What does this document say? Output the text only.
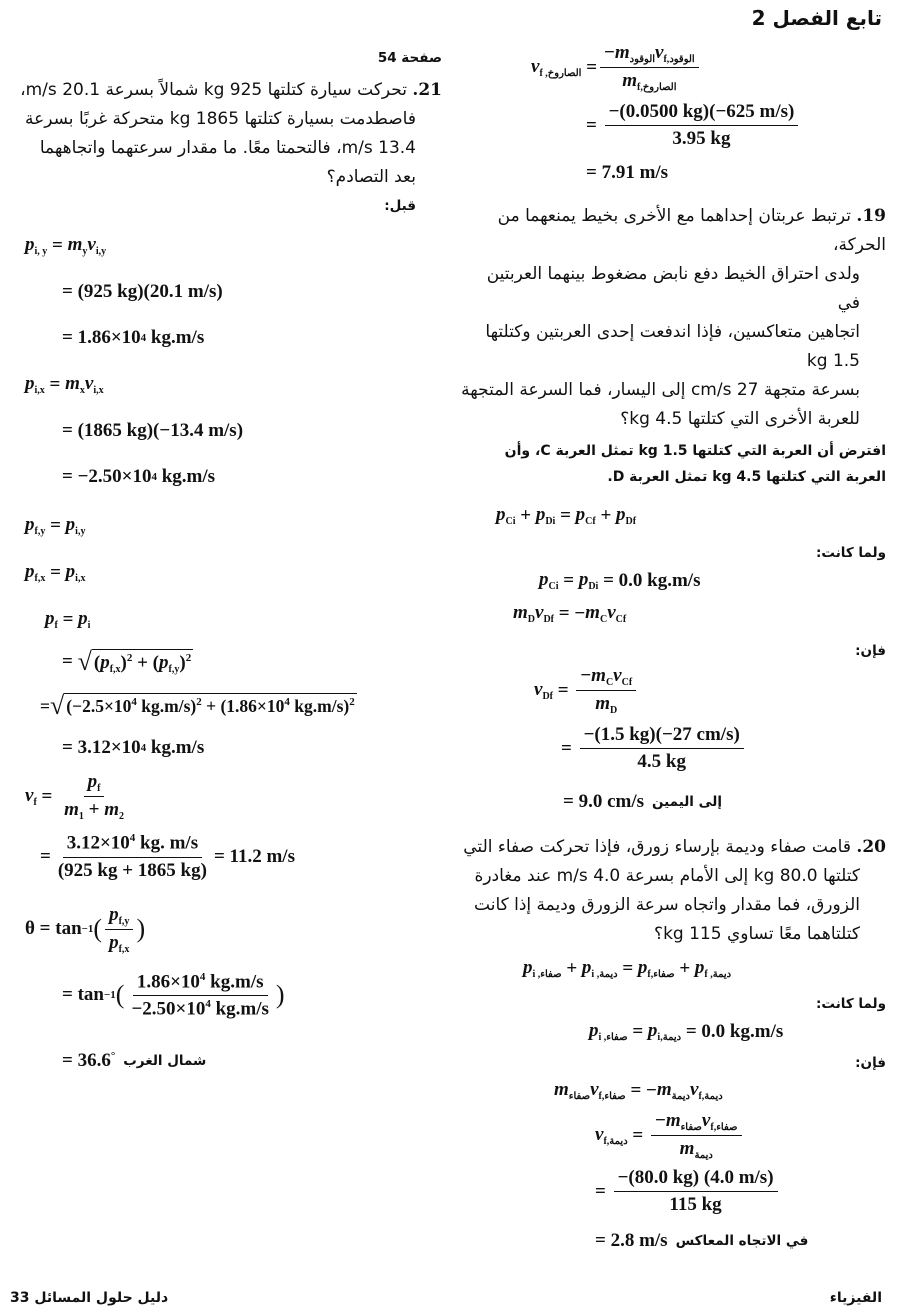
تابع الفصل 2
صفحة 54
21. تحركت سيارة كتلتها 925 kg شمالاً بسرعة 20.1 m/s،
فاصطدمت بسيارة كتلتها 1865 kg متحركة غربًا بسرعة
13.4 m/s، فالتحمتا معًا. ما مقدار سرعتهما واتجاههما
بعد التصادم؟
قبل:
$p_{i, y} = m_y$ $v_{i,y}$
= (925 kg)(20.1 m/s)
= 1.86×10 4 kg.m/s
$p_{i,x} = m_x$ $v_{i,x}$
= (1865 kg)(−13.4 m/s)
= −2.50×10 4 kg.m/s
$p_{f,y} = p_{i,y}$
$p_{f,x} = p_{i,x}$
$p_f = p_i$
= √ $(p_{f,x})^2 + (p_{f,y})^2$
= √ ($-2.5\times 10^4$ $kg.m/s)^2 + (1.86\times 10^4$ kg.m/s)$^2$
= 3.12×10 4 kg.m/s
$v_f = \frac{p_f}{m_1 + m_2}$
= $\frac{3.12\times 10^4 kg. m/s}{(925 kg + 1865 kg)} = 11.2$ m/s
θ = tan −1 ( $\frac{p_{f,y}}{p_{f,x}}$ )
= tan −1 ( $\frac{1.86\times 10^4 kg.m/s}{-2.50\times 10^4 kg.m/s}$ )
= 36.6 ° شمال الغرب
$v_{f ,الصاروخ} = \frac{-m_{الوقود}v_{f,الوقود}}{m_{f,الصاروخ}}$
= $\frac{-(0.0500 kg)(-625 m/s)}{3.95 kg}$
= 7.91 m/s
19. ترتبط عربتان إحداهما مع الأخرى بخيط يمنعهما من الحركة،
ولدى احتراق الخيط دفع نابض مضغوط بينهما العربتين في
اتجاهين متعاكسين، فإذا اندفعت إحدى العربتين وكتلتها 1.5 kg
بسرعة متجهة 27 cm/s إلى اليسار، فما السرعة المتجهة
للعربة الأخرى التي كتلتها 4.5 kg؟
افترض أن العربة التي كتلتها 1.5 kg تمثل العربة C، وأن
العربة التي كتلتها 4.5 kg تمثل العربة D.
$p_{Ci} + p_{Di} = p_{Cf} + p_{Df}$
ولما كانت:
$p_{Ci} = p_{Di} = 0.0$ kg.m/s
$m_D$ $v_{Df}$ = − $m_C$ $v_{Cf}$
فإن:
$v_{Df} = \frac{-m_Cv_{Cf}}{m_D}$
= $\frac{-(1.5 kg)(-27 cm/s)}{4.5 kg}$
= 9.0 cm/s إلى اليمين
20. قامت صفاء وديمة بإرساء زورق، فإذا تحركت صفاء التي
كتلتها 80.0 kg إلى الأمام بسرعة 4.0 m/s عند مغادرة
الزورق، فما مقدار واتجاه سرعة الزورق وديمة إذا كانت
كتلتاهما معًا تساوي 115 kg؟
$p_{i ,صفاء} + p_{i ,ديمة} = p_{f,صفاء} + p_{f ,ديمة}$
ولما كانت:
$p_{i ,صفاء} = p_{i,ديمة} = 0.0$ kg.m/s
فإن:
$m_{صفاء}$ $v_{f,صفاء}$ = − $m_{ديمة}$ $v_{f,ديمة}$
$v_{f,ديمة} = \frac{-m_{صفاء}v_{f,صفاء}}{m_{ديمة}}$
= $\frac{-(80.0 kg) (4.0 m/s)}{115 kg}$
= 2.8 m/s في الاتجاه المعاكس
دليل حلول المسائل 33	الفيزياء
